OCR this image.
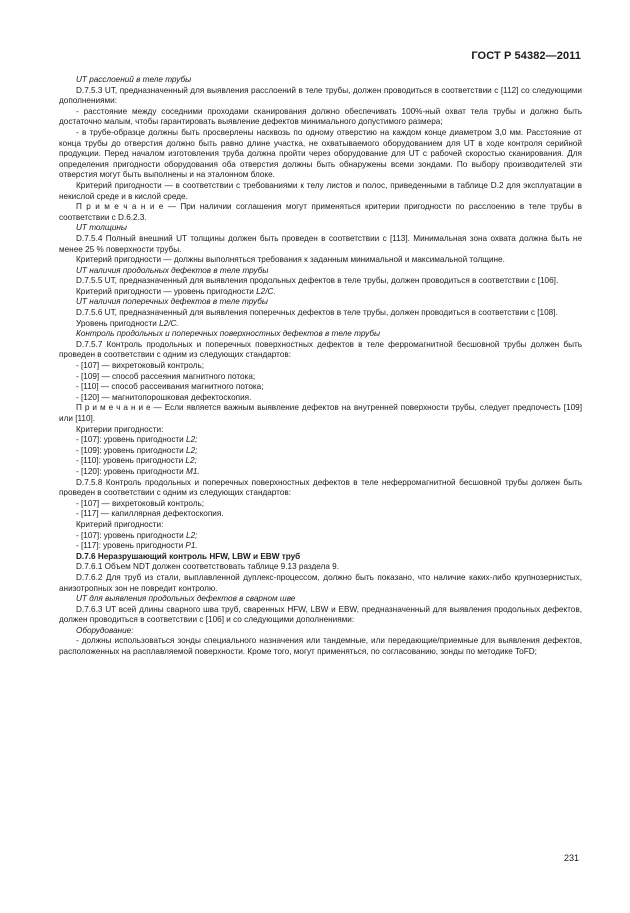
ГОСТ Р 54382—2011

UT расслоений в теле трубы

D.7.5.3 UT, предназначенный для выявления расслоений в теле трубы, должен проводиться в соответствии с [112] со следующими дополнениями:

- расстояние между соседними проходами сканирования должно обеспечивать 100%-ный охват тела трубы и должно быть достаточно малым, чтобы гарантировать выявление дефектов минимального допустимого размера;

- в трубе-образце должны быть просверлены насквозь по одному отверстию на каждом конце диаметром 3,0 мм. Расстояние от конца трубы до отверстия должно быть равно длине участка, не охватываемого оборудованием для UT в ходе контроля серийной продукции. Перед началом изготовления труба должна пройти через оборудование для UT с рабочей скоростью сканирования. Для определения пригодности оборудования оба отверстия должны быть обнаружены всеми зондами. По выбору производителей эти отверстия могут быть выполнены и на эталонном блоке.

Критерий пригодности — в соответствии с требованиями к телу листов и полос, приведенными в таблице D.2 для эксплуатации в некислой среде и в кислой среде.

П р и м е ч а н и е — При наличии соглашения могут применяться критерии пригодности по расслоению в теле трубы в соответствии с D.6.2.3.

UT толщины

D.7.5.4 Полный внешний UT толщины должен быть проведен в соответствии с [113]. Минимальная зона охвата должна быть не менее 25 % поверхности трубы.

Критерий пригодности — должны выполняться требования к заданным минимальной и максимальной толщине.

UT наличия продольных дефектов в теле трубы

D.7.5.5 UT, предназначенный для выявления продольных дефектов в теле трубы, должен проводиться в соответствии с [106].

Критерий пригодности — уровень пригодности L2/C.

UT наличия поперечных дефектов в теле трубы

D.7.5.6 UT, предназначенный для выявления поперечных дефектов в теле трубы, должен проводиться в соответствии с [108].

Уровень пригодности L2/C.

Контроль продольных и поперечных поверхностных дефектов в теле трубы

D.7.5.7 Контроль продольных и поперечных поверхностных дефектов в теле ферромагнитной бесшовной трубы должен быть проведен в соответствии с одним из следующих стандартов:

- [107] — вихретоковый контроль;

- [109] — способ рассеяния магнитного потока;

- [110] — способ рассеивания магнитного потока;

- [120] — магнитопорошковая дефектоскопия.

П р и м е ч а н и е — Если является важным выявление дефектов на внутренней поверхности трубы, следует предпочесть [109] или [110].

Критерии пригодности:

- [107]: уровень пригодности L2;

- [109]: уровень пригодности L2;

- [110]: уровень пригодности L2;

- [120]: уровень пригодности M1.

D.7.5.8 Контроль продольных и поперечных поверхностных дефектов в теле неферромагнитной бесшовной трубы должен быть проведен в соответствии с одним из следующих стандартов:

- [107] — вихретоковый контроль;

- [117] — капиллярная дефектоскопия.

Критерий пригодности:

- [107]: уровень пригодности L2;

- [117]: уровень пригодности P1.

D.7.6 Неразрушающий контроль HFW, LBW и EBW труб

D.7.6.1 Объем NDT должен соответствовать таблице 9.13 раздела 9.

D.7.6.2 Для труб из стали, выплавленной дуплекс-процессом, должно быть показано, что наличие каких-либо крупнозернистых, анизотропных зон не повредит контролю.

UT для выявления продольных дефектов в сварном шве

D.7.6.3 UT всей длины сварного шва труб, сваренных HFW, LBW и EBW, предназначенный для выявления продольных дефектов, должен проводиться в соответствии с [106] и со следующими дополнениями:

Оборудование:

- должны использоваться зонды специального назначения или тандемные, или передающие/приемные для выявления дефектов, расположенных на расплавляемой поверхности. Кроме того, могут применяться, по согласованию, зонды по методике ToFD;

231
